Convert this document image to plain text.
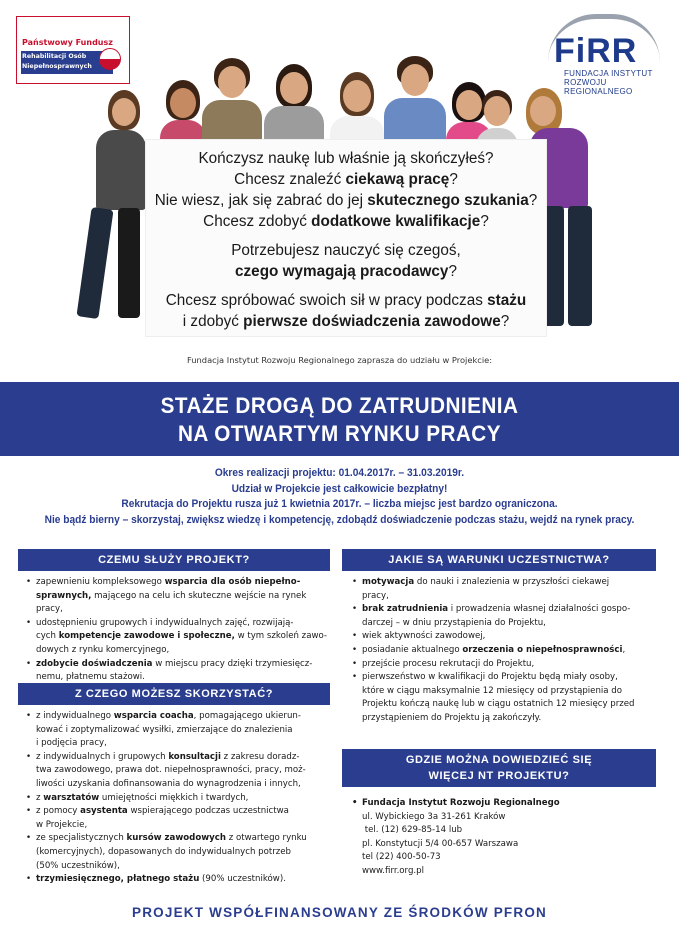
Państwowy Fundusz
Rehabilitacji Osób
Niepełnosprawnych	FiRR
FUNDACJA INSTYTUT
ROZWOJU REGIONALNEGO

Kończysz naukę lub właśnie ją skończyłeś?

Chcesz znaleźć ciekawą pracę?

Nie wiesz, jak się zabrać do jej skutecznego szukania?

Chcesz zdobyć dodatkowe kwalifikacje?

Potrzebujesz nauczyć się czegoś,

czego wymagają pracodawcy?

Chcesz spróbować swoich sił w pracy podczas stażu

i zdobyć pierwsze doświadczenia zawodowe?

Fundacja Instytut Rozwoju Regionalnego zaprasza do udziału w Projekcie:
STAŻE DROGĄ DO ZATRUDNIENIA
NA OTWARTYM RYNKU PRACY
Okres realizacji projektu: 01.04.2017r. – 31.03.2019r.
Udział w Projekcie jest całkowicie bezpłatny!
Rekrutacja do Projektu rusza już 1 kwietnia 2017r. – liczba miejsc jest bardzo ograniczona.
Nie bądź bierny – skorzystaj, zwiększ wiedzę i kompetencję, zdobądź doświadczenie podczas stażu, wejdź na rynek pracy.
CZEMU SŁUŻY PROJEKT?
• zapewnieniu kompleksowego wsparcia dla osób niepełno-
sprawnych, mającego na celu ich skuteczne wejście na rynek pracy,
• udostępnieniu grupowych i indywidualnych zajęć, rozwijają-
cych kompetencje zawodowe i społeczne, w tym szkoleń zawo-
dowych z rynku komercyjnego,
• zdobycie doświadczenia w miejscu pracy dzięki trzymiesięcz-
nemu, płatnemu stażowi.
JAKIE SĄ WARUNKI UCZESTNICTWA?
• motywacja do nauki i znalezienia w przyszłości ciekawej
pracy,
• brak zatrudnienia i prowadzenia własnej działalności gospo-
darczej – w dniu przystąpienia do Projektu,
• wiek aktywności zawodowej,
• posiadanie aktualnego orzeczenia o niepełnosprawności,
• przejście procesu rekrutacji do Projektu,
• pierwszeństwo w kwalifikacji do Projektu będą miały osoby,
które w ciągu maksymalnie 12 miesięcy od przystąpienia do
Projektu kończą naukę lub w ciągu ostatnich 12 miesięcy przed
przystąpieniem do Projektu ją zakończyły.
Z CZEGO MOŻESZ SKORZYSTAĆ?
• z indywidualnego wsparcia coacha, pomagającego ukierun-
kować i zoptymalizować wysiłki, zmierzające do znalezienia
i podjęcia pracy,
• z indywidualnych i grupowych konsultacji z zakresu doradz-
twa zawodowego, prawa dot. niepełnosprawności, pracy, moż-
liwości uzyskania dofinansowania do wynagrodzenia i innych,
• z warsztatów umiejętności miękkich i twardych,
• z pomocy asystenta wspierającego podczas uczestnictwa
w Projekcie,
• ze specjalistycznych kursów zawodowych z otwartego rynku
(komercyjnych), dopasowanych do indywidualnych potrzeb
(50% uczestników),
• trzymiesięcznego, płatnego stażu (90% uczestników).
GDZIE MOŻNA DOWIEDZIEĆ SIĘ
WIĘCEJ NT PROJEKTU?
• Fundacja Instytut Rozwoju Regionalnego
ul. Wybickiego 3a 31-261 Kraków
tel. (12) 629-85-14 lub
pl. Konstytucji 5/4 00-657 Warszawa
tel (22) 400-50-73
www.firr.org.pl
PROJEKT WSPÓŁFINANSOWANY ZE ŚRODKÓW PFRON
